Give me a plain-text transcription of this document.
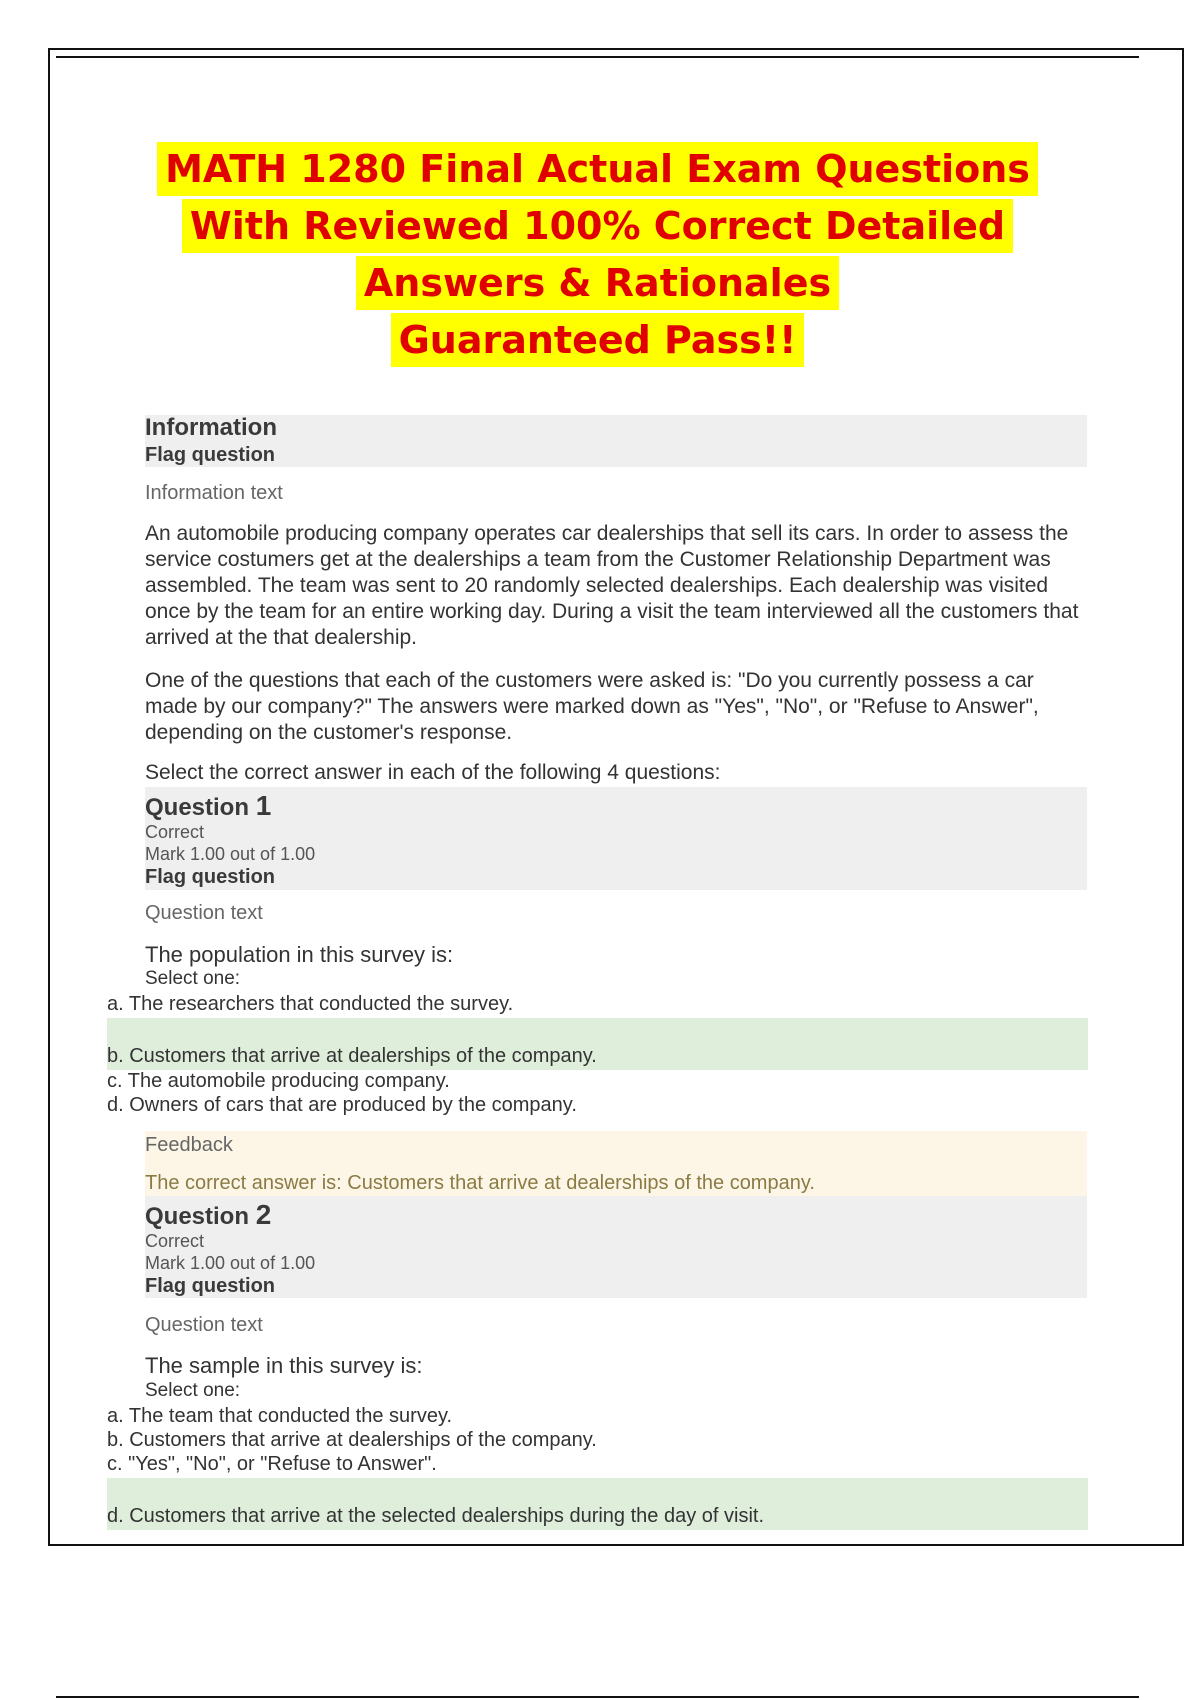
MATH 1280 Final Actual Exam Questions
With Reviewed 100% Correct Detailed
Answers & Rationales
Guaranteed Pass!!
Information
Flag question
Information text
An automobile producing company operates car dealerships that sell its cars. In order to assess the service costumers get at the dealerships a team from the Customer Relationship Department was assembled. The team was sent to 20 randomly selected dealerships. Each dealership was visited once by the team for an entire working day. During a visit the team interviewed all the customers that arrived at the that dealership.
One of the questions that each of the customers were asked is: "Do you currently possess a car made by our company?" The answers were marked down as "Yes", "No", or "Refuse to Answer", depending on the customer's response.
Select the correct answer in each of the following 4 questions:
Question 1
Correct
Mark 1.00 out of 1.00
Flag question
Question text
The population in this survey is:
Select one:
a. The researchers that conducted the survey.
b. Customers that arrive at dealerships of the company.
c. The automobile producing company.
d. Owners of cars that are produced by the company.
Feedback
The correct answer is: Customers that arrive at dealerships of the company.
Question 2
Correct
Mark 1.00 out of 1.00
Flag question
Question text
The sample in this survey is:
Select one:
a. The team that conducted the survey.
b. Customers that arrive at dealerships of the company.
c. "Yes", "No", or "Refuse to Answer".
d. Customers that arrive at the selected dealerships during the day of visit.
